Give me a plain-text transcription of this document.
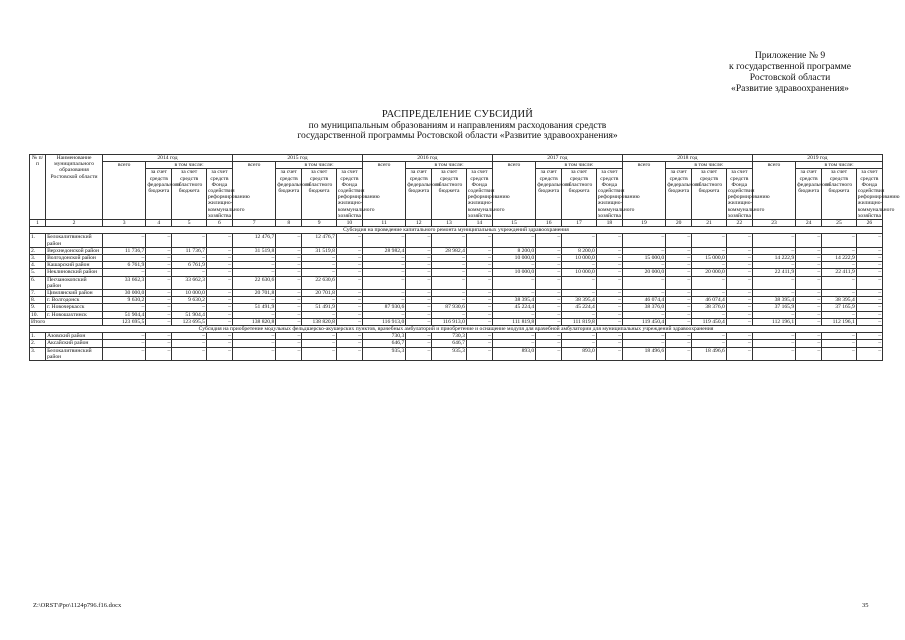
Приложение № 9
к государственной программе
Ростовской области
«Развитие здравоохранения»
РАСПРЕДЕЛЕНИЕ СУБСИДИЙ
по муниципальным образованиям и направлениям расходования средств
государственной программы Ростовской области «Развитие здравоохранения»
№ п/п	Наименование муниципального образования Ростовской области	2014 год				2015 год				2016 год				2017 год				2018 год				2019 год			
		всего	в том числе:			всего	в том числе:			всего	в том числе:			всего	в том числе:			всего	в том числе:			всего	в том числе:		
			за счет средств федерального бюджета	за счет средств областного бюджета	за счет средств Фонда содействия реформированию жилищно-коммунального хозяйства		за счет средств федерального бюджета	за счет средств областного бюджета	за счет средств Фонда содействия реформированию жилищно-коммунального хозяйства		за счет средств федерального бюджета	за счет средств областного бюджета	за счет средств Фонда содействия реформированию жилищно-коммунального хозяйства		за счет средств федерального бюджета	за счет средств областного бюджета	за счет средств Фонда содействия реформированию жилищно-коммунального хозяйства		за счет средств федерального бюджета	за счет средств областного бюджета	за счет средств Фонда содействия реформированию жилищно-коммунального хозяйства		за счет средств федерального бюджета	за счет средств областного бюджета	за счет средств Фонда содействия реформированию жилищно-коммунального хозяйства
1	2	3	4	5	6	7	8	9	10	11	12	13	14	15	16	17	18	19	20	21	22	23	24	25	26
Субсидия на проведение капитального ремонта муниципальных учреждений здравоохранения																									
1.	Белокалитвинский район	–	–	–	–	12 476,7	–	12 476,7	–	–	–	–	–	–	–	–	–	–	–	–	–	–	–	–	–
2.	Верхнедонской район	11 736,7	–	11 736,7	–	31 519,8	–	31 519,8	–	28 982,4	–	28 982,4	–	8 200,0	–	8 200,0	–	–	–	–	–	–	–	–	–
3.	Волгодонской район	–	–	–	–	–	–	–	–	–	–	–	–	10 000,0	–	10 000,0	–	15 000,0	–	15 000,0	–	14 222,9	–	14 222,9	–
4.	Кашарский район	6 761,9	–	6 761,9	–	–	–	–	–	–	–	–	–	–	–	–	–	–	–	–	–	–	–	–	–
5.	Неклиновский район	–	–	–	–	–	–	–	–	–	–	–	–	10 000,0	–	10 000,0	–	20 000,0	–	20 000,0	–	22 411,9	–	22 411,9	–
6.	Песчанокопский район	33 662,3	–	33 662,3	–	22 630,6	–	22 630,6	–	–	–	–	–	–	–	–	–	–	–	–	–	–	–	–	–
7.	Цимлянский район	30 000,0	–	10 000,0	–	20 701,8	–	20 701,8	–	–	–	–	–	–	–	–	–	–	–	–	–	–	–	–	–
8.	г. Волгодонск	9 630,2	–	9 630,2	–	–	–	–	–	–	–	–	–	38 395,4	–	38 395,4	–	46 074,4	–	46 074,4	–	38 395,4	–	38 395,4	–
9.	г. Новочеркасск	–	–	–	–	51 491,9	–	51 491,9	–	87 930,6	–	87 930,6	–	45 224,4	–	45 224,4	–	38 376,0	–	38 376,0	–	37 165,9	–	37 165,9	–
10.	г. Новошахтинск	51 904,4	–	51 904,4	–	–	–	–	–	–	–	–	–	–	–	–	–	–	–	–	–	–	–	–	–
Итого		123 695,5	–	123 695,5	–	138 820,8	–	138 820,8	–	116 913,0	–	116 913,0	–	111 819,8	–	111 819,8	–	119 450,4	–	119 450,4	–	112 196,1	–	112 196,1	–
Субсидия на приобретение модульных фельдшерско-акушерских пунктов, врачебных амбулаторий и приобретение и оснащение модуля для врачебной амбулатории для муниципальных учреждений здравоохранения																									
1.	Азовский район	–	–	–	–	–	–	–	–	730,3	–	730,3	–	–	–	–	–	–	–	–	–	–	–	–	–
2.	Аксайский район	–	–	–	–	–	–	–	–	646,7	–	646,7	–	–	–	–	–	–	–	–	–	–	–	–	–
3.	Белокалитвинский район	–	–	–	–	–	–	–	–	935,3	–	935,3	–	893,0	–	893,0	–	18 496,6	–	18 496,6	–	–	–	–	–
Z:\ORST\Ppo\1124p796.f16.docx	35
